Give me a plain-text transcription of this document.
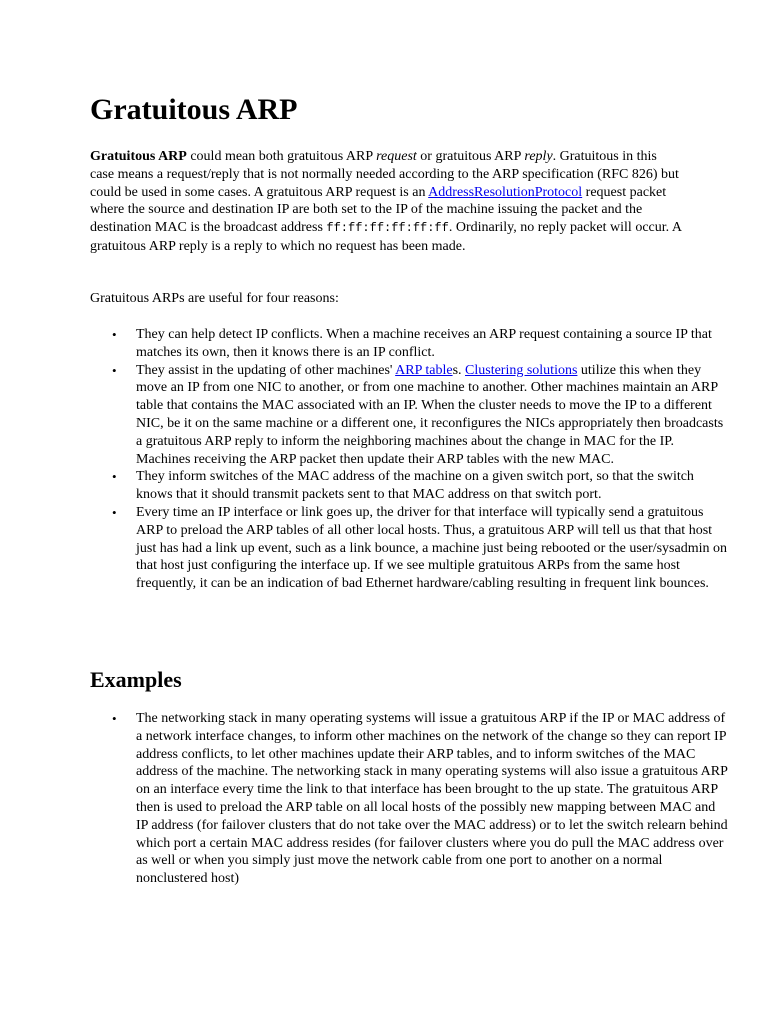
Gratuitous ARP

Gratuitous ARP could mean both gratuitous ARP request or gratuitous ARP reply. Gratuitous in this case means a request/reply that is not normally needed according to the ARP specification (RFC 826) but could be used in some cases. A gratuitous ARP request is an AddressResolutionProtocol request packet where the source and destination IP are both set to the IP of the machine issuing the packet and the destination MAC is the broadcast address ff:ff:ff:ff:ff:ff. Ordinarily, no reply packet will occur. A gratuitous ARP reply is a reply to which no request has been made.

Gratuitous ARPs are useful for four reasons:

• They can help detect IP conflicts. When a machine receives an ARP request containing a source IP that matches its own, then it knows there is an IP conflict.
• They assist in the updating of other machines' ARP tables. Clustering solutions utilize this when they move an IP from one NIC to another, or from one machine to another. Other machines maintain an ARP table that contains the MAC associated with an IP. When the cluster needs to move the IP to a different NIC, be it on the same machine or a different one, it reconfigures the NICs appropriately then broadcasts a gratuitous ARP reply to inform the neighboring machines about the change in MAC for the IP. Machines receiving the ARP packet then update their ARP tables with the new MAC.
• They inform switches of the MAC address of the machine on a given switch port, so that the switch knows that it should transmit packets sent to that MAC address on that switch port.
• Every time an IP interface or link goes up, the driver for that interface will typically send a gratuitous ARP to preload the ARP tables of all other local hosts. Thus, a gratuitous ARP will tell us that that host just has had a link up event, such as a link bounce, a machine just being rebooted or the user/sysadmin on that host just configuring the interface up. If we see multiple gratuitous ARPs from the same host frequently, it can be an indication of bad Ethernet hardware/cabling resulting in frequent link bounces.
Examples
• The networking stack in many operating systems will issue a gratuitous ARP if the IP or MAC address of a network interface changes, to inform other machines on the network of the change so they can report IP address conflicts, to let other machines update their ARP tables, and to inform switches of the MAC address of the machine. The networking stack in many operating systems will also issue a gratuitous ARP on an interface every time the link to that interface has been brought to the up state. The gratuitous ARP then is used to preload the ARP table on all local hosts of the possibly new mapping between MAC and IP address (for failover clusters that do not take over the MAC address) or to let the switch relearn behind which port a certain MAC address resides (for failover clusters where you do pull the MAC address over as well or when you simply just move the network cable from one port to another on a normal nonclustered host)
